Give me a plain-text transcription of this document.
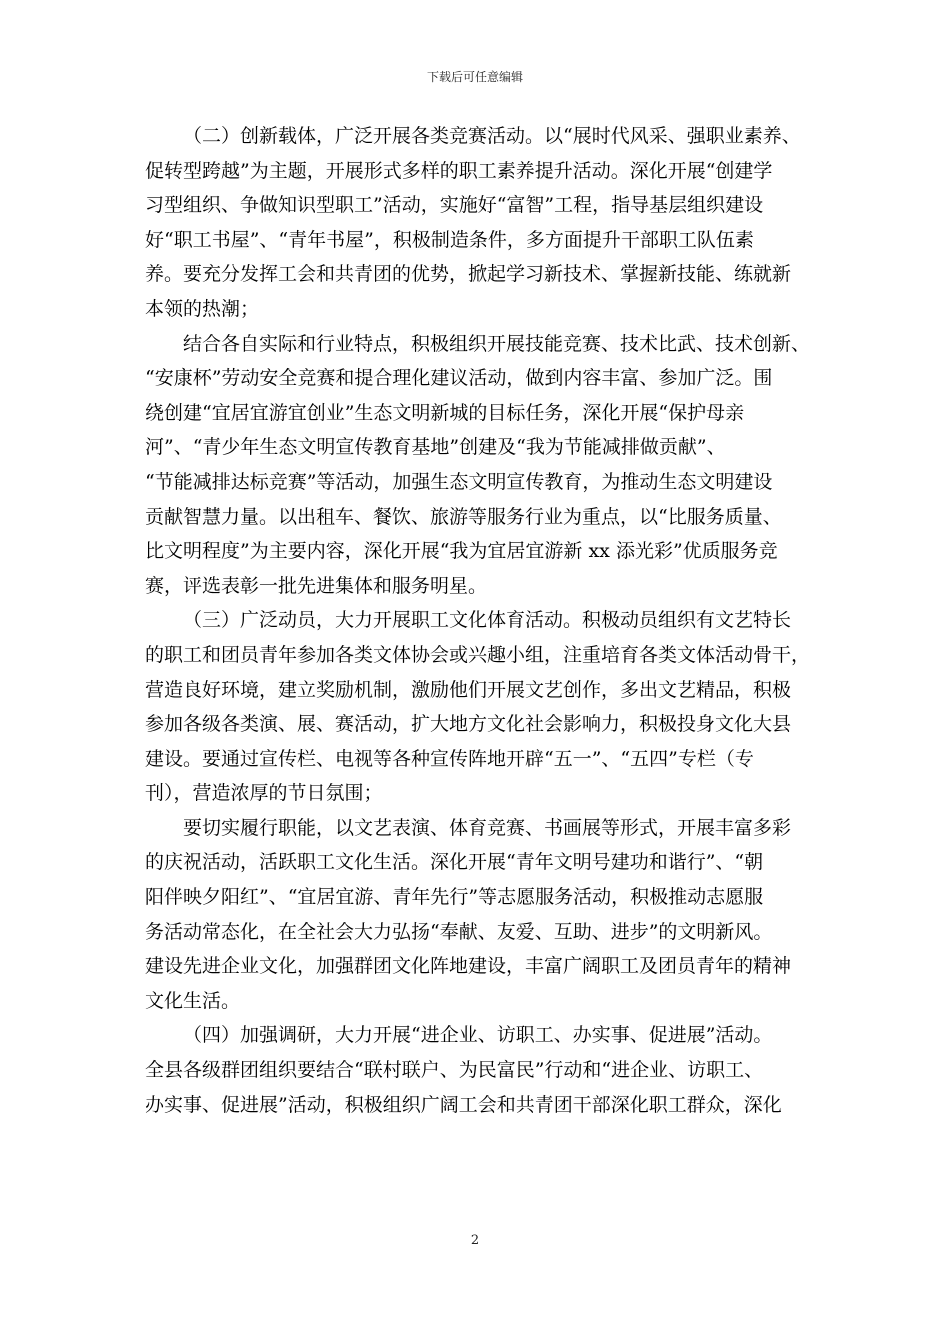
下载后可任意编辑

（二）创新载体，广泛开展各类竞赛活动。以“展时代风采、强职业素养、
促转型跨越”为主题，开展形式多样的职工素养提升活动。深化开展“创建学
习型组织、争做知识型职工”活动，实施好“富智”工程，指导基层组织建设
好“职工书屋”、“青年书屋”，积极制造条件，多方面提升干部职工队伍素
养。要充分发挥工会和共青团的优势，掀起学习新技术、掌握新技能、练就新
本领的热潮；

结合各自实际和行业特点，积极组织开展技能竞赛、技术比武、技术创新、
“安康杯”劳动安全竞赛和提合理化建议活动，做到内容丰富、参加广泛。围
绕创建“宜居宜游宜创业”生态文明新城的目标任务，深化开展“保护母亲
河”、“青少年生态文明宣传教育基地”创建及“我为节能减排做贡献”、
“节能减排达标竞赛”等活动，加强生态文明宣传教育，为推动生态文明建设
贡献智慧力量。以出租车、餐饮、旅游等服务行业为重点，以“比服务质量、
比文明程度”为主要内容，深化开展“我为宜居宜游新 xx 添光彩”优质服务竞
赛，评选表彰一批先进集体和服务明星。

（三）广泛动员，大力开展职工文化体育活动。积极动员组织有文艺特长
的职工和团员青年参加各类文体协会或兴趣小组，注重培育各类文体活动骨干，
营造良好环境，建立奖励机制，激励他们开展文艺创作，多出文艺精品，积极
参加各级各类演、展、赛活动，扩大地方文化社会影响力，积极投身文化大县
建设。要通过宣传栏、电视等各种宣传阵地开辟“五一”、“五四”专栏（专
刊），营造浓厚的节日氛围；

要切实履行职能，以文艺表演、体育竞赛、书画展等形式，开展丰富多彩
的庆祝活动，活跃职工文化生活。深化开展“青年文明号建功和谐行”、“朝
阳伴映夕阳红”、“宜居宜游、青年先行”等志愿服务活动，积极推动志愿服
务活动常态化，在全社会大力弘扬“奉献、友爱、互助、进步”的文明新风。
建设先进企业文化，加强群团文化阵地建设，丰富广阔职工及团员青年的精神
文化生活。

（四）加强调研，大力开展“进企业、访职工、办实事、促进展”活动。
全县各级群团组织要结合“联村联户、为民富民”行动和“进企业、访职工、
办实事、促进展”活动，积极组织广阔工会和共青团干部深化职工群众，深化

2
